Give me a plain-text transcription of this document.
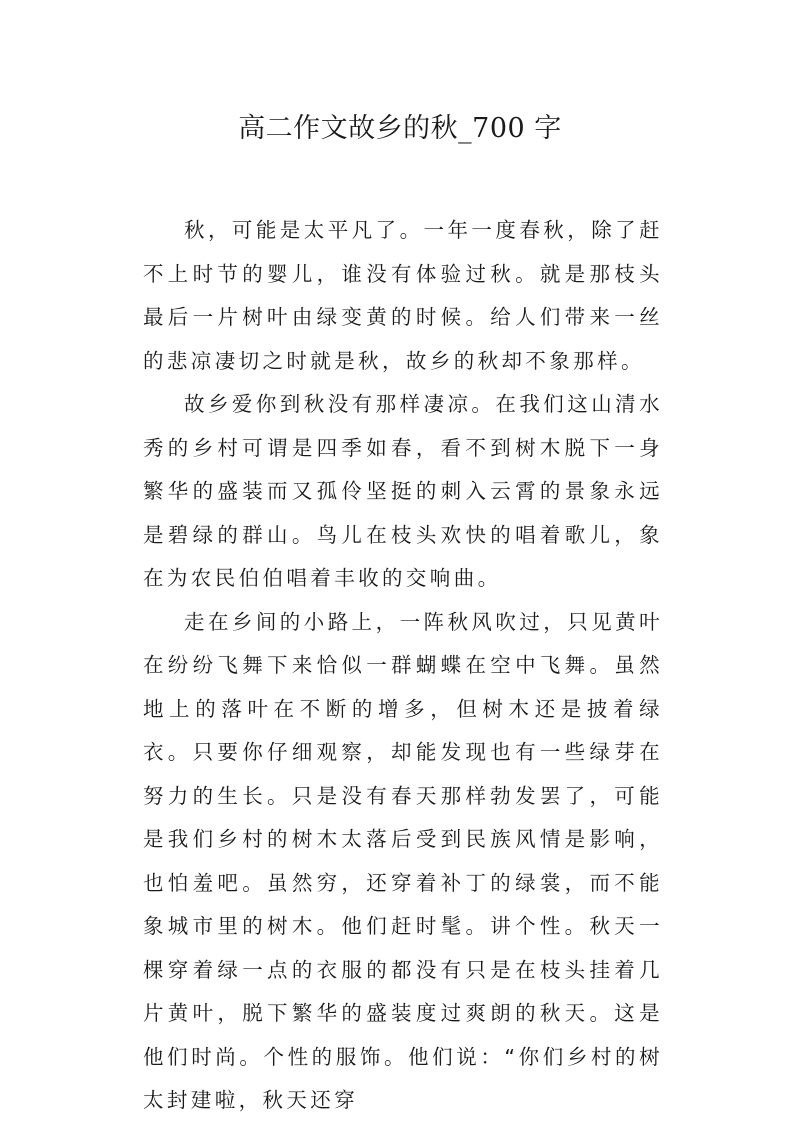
高二作文故乡的秋_700 字

秋，可能是太平凡了。一年一度春秋，除了赶不上时节的婴儿，谁没有体验过秋。就是那枝头最后一片树叶由绿变黄的时候。给人们带来一丝的悲凉凄切之时就是秋，故乡的秋却不象那样。

故乡爱你到秋没有那样凄凉。在我们这山清水秀的乡村可谓是四季如春，看不到树木脱下一身繁华的盛装而又孤伶坚挺的刺入云霄的景象永远是碧绿的群山。鸟儿在枝头欢快的唱着歌儿，象在为农民伯伯唱着丰收的交响曲。

走在乡间的小路上，一阵秋风吹过，只见黄叶在纷纷飞舞下来恰似一群蝴蝶在空中飞舞。虽然地上的落叶在不断的增多，但树木还是披着绿衣。只要你仔细观察，却能发现也有一些绿芽在努力的生长。只是没有春天那样勃发罢了，可能是我们乡村的树木太落后受到民族风情是影响，也怕羞吧。虽然穷，还穿着补丁的绿裳，而不能象城市里的树木。他们赶时髦。讲个性。秋天一棵穿着绿一点的衣服的都没有只是在枝头挂着几片黄叶，脱下繁华的盛装度过爽朗的秋天。这是他们时尚。个性的服饰。他们说：“你们乡村的树太封建啦，秋天还穿
